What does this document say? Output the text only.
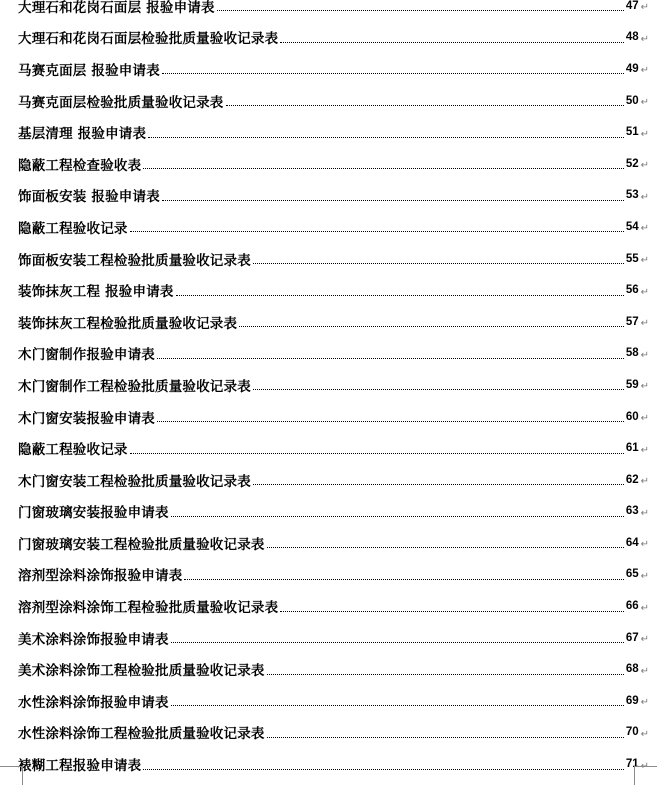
大理石和花岗石面层 报验申请表	47 ↵
大理石和花岗石面层检验批质量验收记录表	48 ↵
马赛克面层 报验申请表	49 ↵
马赛克面层检验批质量验收记录表	50 ↵
基层清理 报验申请表	51 ↵
隐蔽工程检查验收表	52 ↵
饰面板安装 报验申请表	53 ↵
隐蔽工程验收记录	54 ↵
饰面板安装工程检验批质量验收记录表	55 ↵
装饰抹灰工程 报验申请表	56 ↵
装饰抹灰工程检验批质量验收记录表	57 ↵
木门窗制作报验申请表	58 ↵
木门窗制作工程检验批质量验收记录表	59 ↵
木门窗安装报验申请表	60 ↵
隐蔽工程验收记录	61 ↵
木门窗安装工程检验批质量验收记录表	62 ↵
门窗玻璃安装报验申请表	63 ↵
门窗玻璃安装工程检验批质量验收记录表	64 ↵
溶剂型涂料涂饰报验申请表	65 ↵
溶剂型涂料涂饰工程检验批质量验收记录表	66 ↵
美术涂料涂饰报验申请表	67 ↵
美术涂料涂饰工程检验批质量验收记录表	68 ↵
水性涂料涂饰报验申请表	69 ↵
水性涂料涂饰工程检验批质量验收记录表	70 ↵
裱糊工程报验申请表	71 ↵
